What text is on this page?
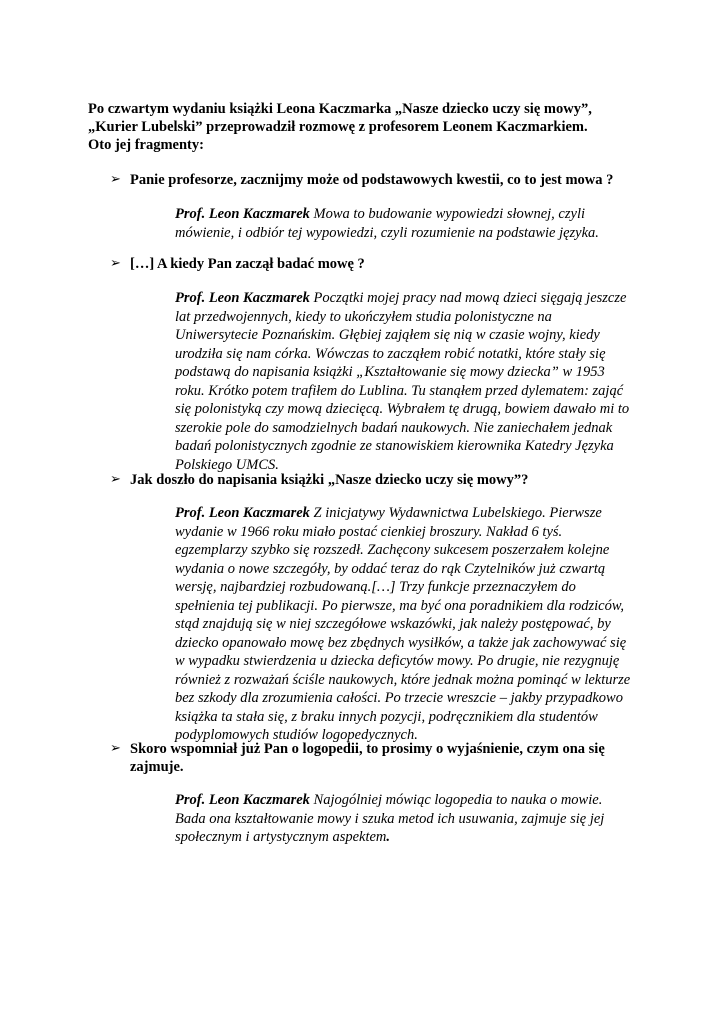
Po czwartym wydaniu książki Leona Kaczmarka „Nasze dziecko uczy się mowy”,
„Kurier Lubelski” przeprowadził rozmowę z profesorem Leonem Kaczmarkiem.
Oto jej fragmenty:
➢ Panie profesorze, zacznijmy może od podstawowych kwestii, co to jest mowa ?
Prof. Leon Kaczmarek Mowa to budowanie wypowiedzi słownej, czyli
mówienie, i odbiór tej wypowiedzi, czyli rozumienie na podstawie języka.
➢ […] A kiedy Pan zaczął badać mowę ?
Prof. Leon Kaczmarek Początki mojej pracy nad mową dzieci sięgają jeszcze
lat przedwojennych, kiedy to ukończyłem studia polonistyczne na
Uniwersytecie Poznańskim. Głębiej zająłem się nią w czasie wojny, kiedy
urodziła się nam córka. Wówczas to zacząłem robić notatki, które stały się
podstawą do napisania książki „Kształtowanie się mowy dziecka” w 1953
roku. Krótko potem trafiłem do Lublina. Tu stanąłem przed dylematem: zająć
się polonistyką czy mową dziecięcą. Wybrałem tę drugą, bowiem dawało mi to
szerokie pole do samodzielnych badań naukowych. Nie zaniechałem jednak
badań polonistycznych zgodnie ze stanowiskiem kierownika Katedry Języka
Polskiego UMCS.
➢ Jak doszło do napisania książki „Nasze dziecko uczy się mowy”?
Prof. Leon Kaczmarek Z inicjatywy Wydawnictwa Lubelskiego. Pierwsze
wydanie w 1966 roku miało postać cienkiej broszury. Nakład 6 tyś.
egzemplarzy szybko się rozszedł. Zachęcony sukcesem poszerzałem kolejne
wydania o nowe szczegóły, by oddać teraz do rąk Czytelników już czwartą
wersję, najbardziej rozbudowaną.[…] Trzy funkcje przeznaczyłem do
spełnienia tej publikacji. Po pierwsze, ma być ona poradnikiem dla rodziców,
stąd znajdują się w niej szczegółowe wskazówki, jak należy postępować, by
dziecko opanowało mowę bez zbędnych wysiłków, a także jak zachowywać się
w wypadku stwierdzenia u dziecka deficytów mowy. Po drugie, nie rezygnuję
również z rozważań ściśle naukowych, które jednak można pominąć w lekturze
bez szkody dla zrozumienia całości. Po trzecie wreszcie – jakby przypadkowo
książka ta stała się, z braku innych pozycji, podręcznikiem dla studentów
podyplomowych studiów logopedycznych.
➢ Skoro wspomniał już Pan o logopedii, to prosimy o wyjaśnienie, czym ona się
zajmuje.
Prof. Leon Kaczmarek Najogólniej mówiąc logopedia to nauka o mowie.
Bada ona kształtowanie mowy i szuka metod ich usuwania, zajmuje się jej
społecznym i artystycznym aspektem.
